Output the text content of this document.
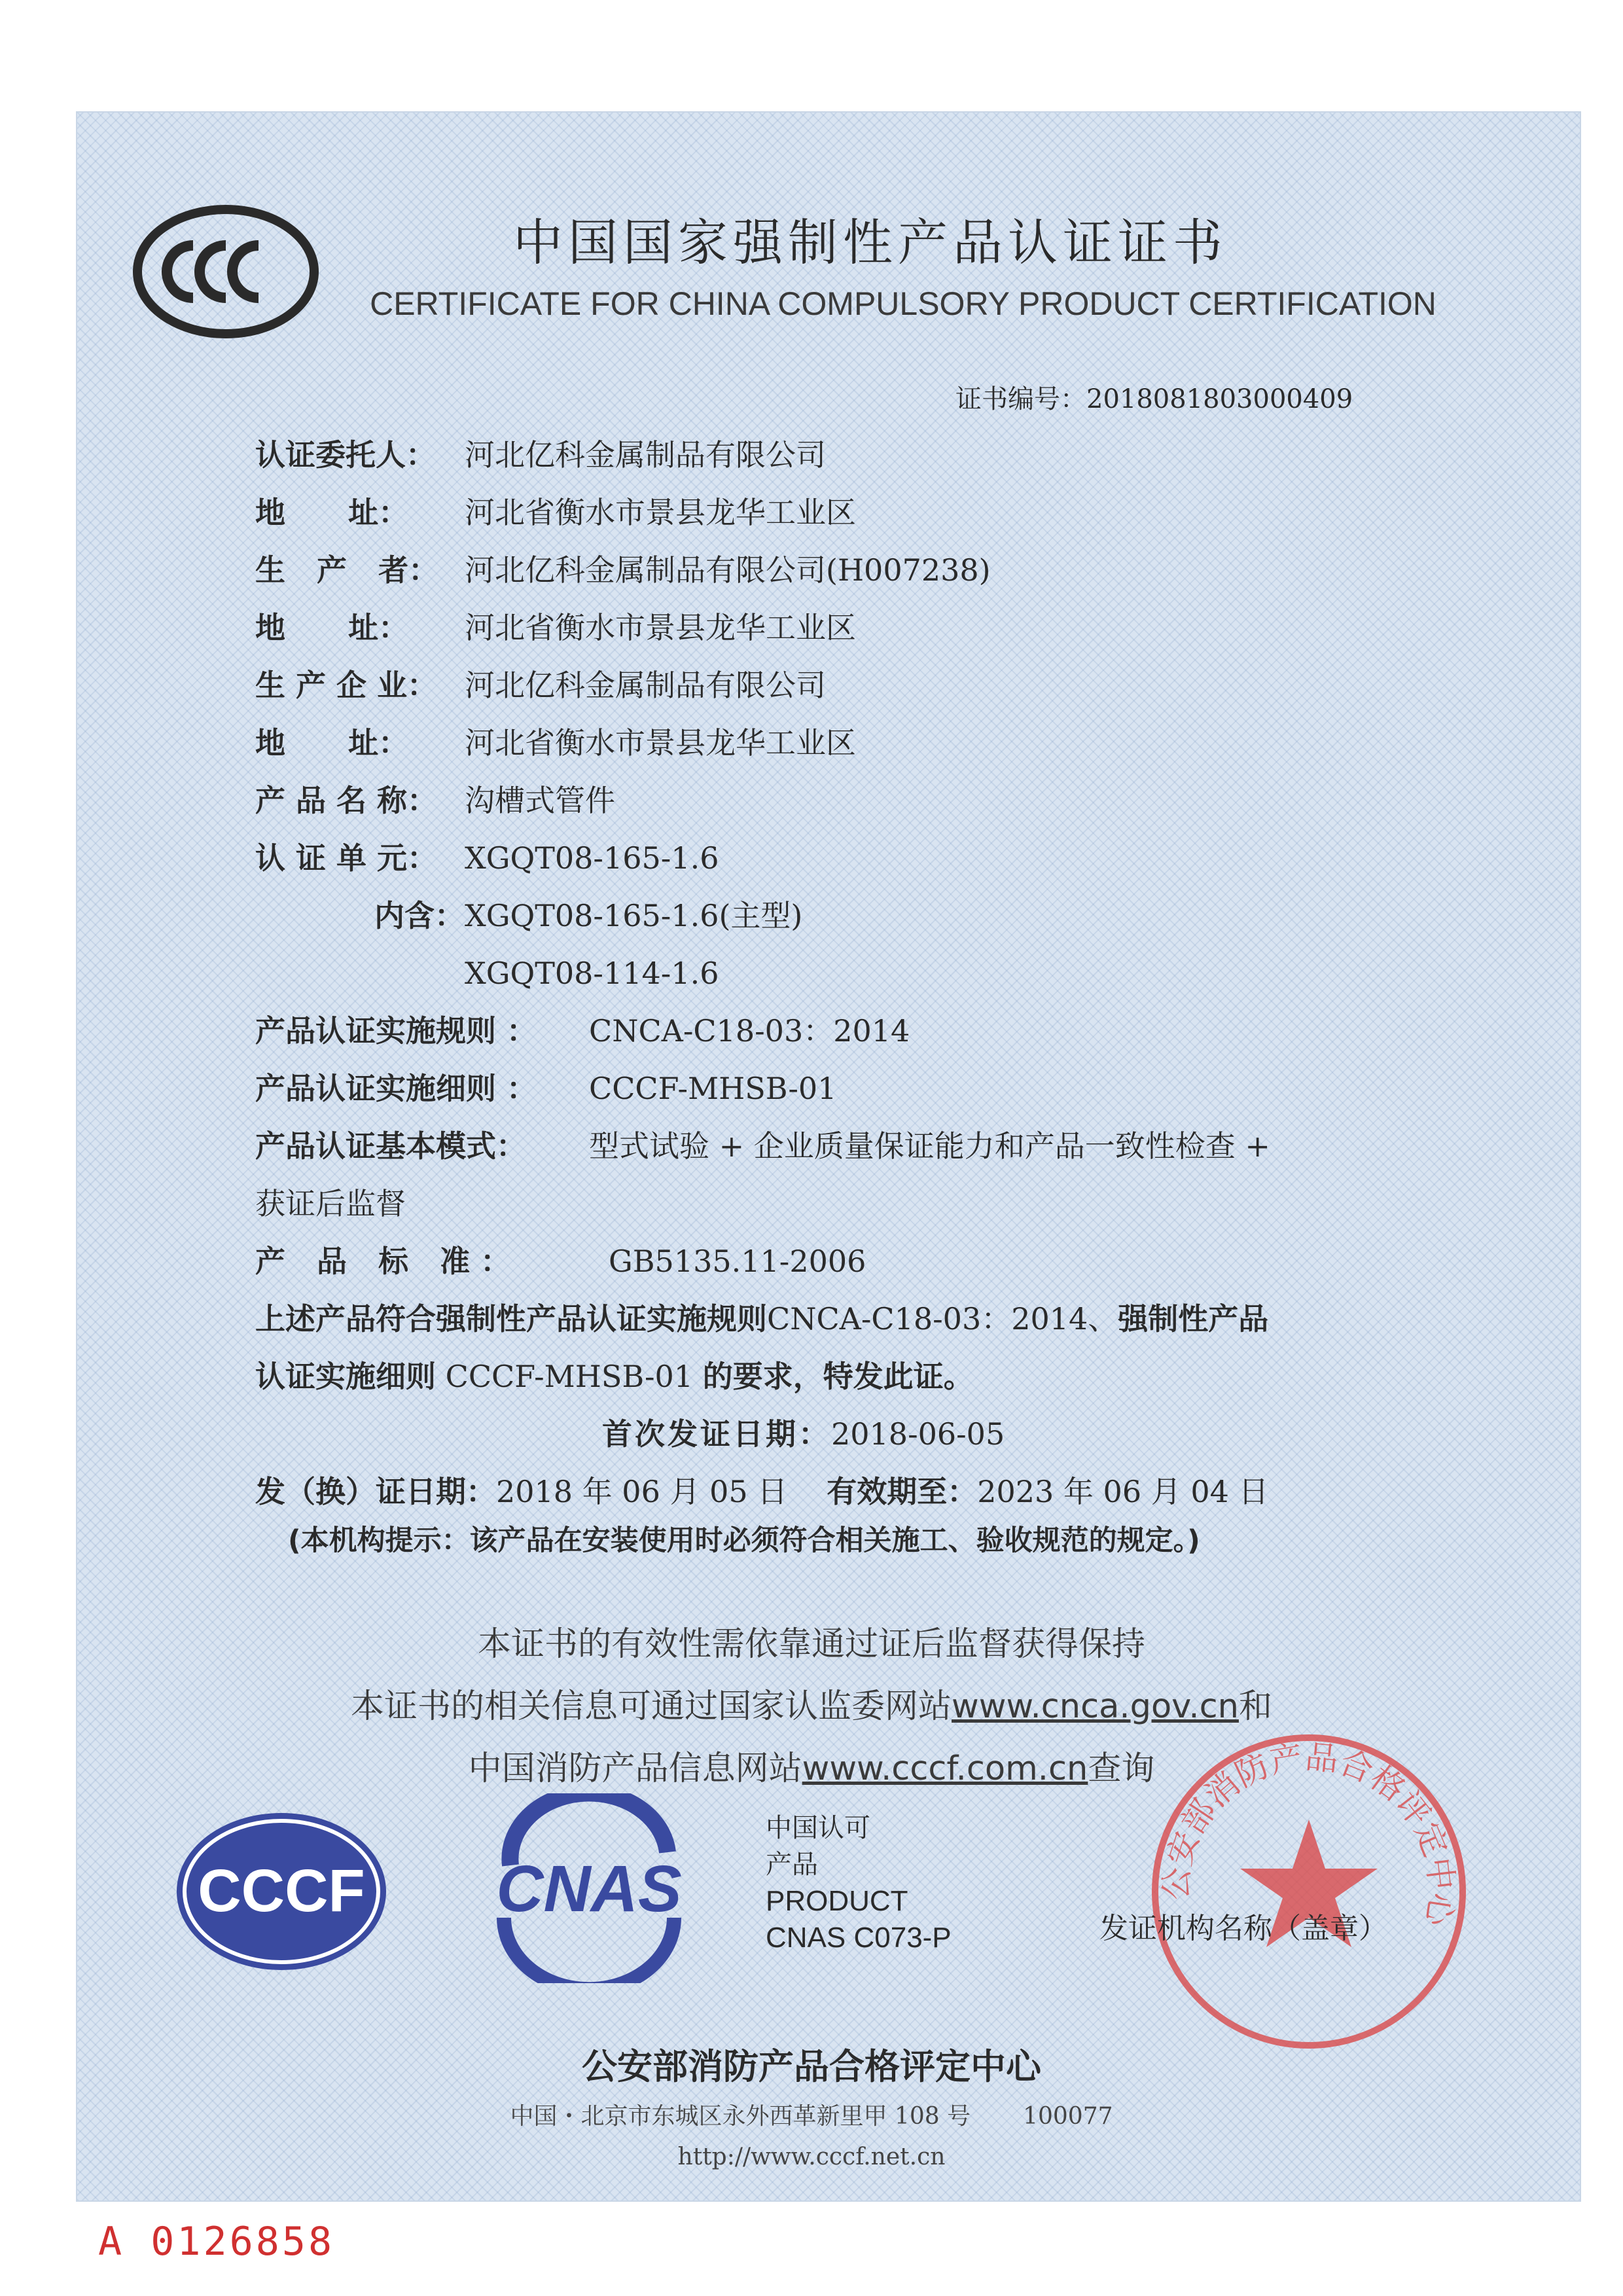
中国国家强制性产品认证证书
CERTIFICATE FOR CHINA COMPULSORY PRODUCT CERTIFICATION
证书编号：2018081803000409
认证委托人： 河北亿科金属制品有限公司
地      址： 河北省衡水市景县龙华工业区
生   产   者： 河北亿科金属制品有限公司(H007238)
地      址： 河北省衡水市景县龙华工业区
生 产 企 业： 河北亿科金属制品有限公司
地      址： 河北省衡水市景县龙华工业区
产 品 名 称： 沟槽式管件
认 证 单 元： XGQT08-165-1.6
内含：XGQT08-165-1.6(主型)
XGQT08-114-1.6
产品认证实施规则 ： CNCA-C18-03：2014
产品认证实施细则 ： CCCF-MHSB-01
产品认证基本模式： 型式试验 + 企业质量保证能力和产品一致性检查 +
获证后监督
产   品   标   准 ：	GB5135.11-2006
上述产品符合强制性产品认证实施规则CNCA-C18-03：2014、强制性产品
认证实施细则 CCCF-MHSB-01 的要求，特发此证。
首次发证日期：2018-06-05
发（换）证日期：2018 年 06 月 05 日 有效期至：2023 年 06 月 04 日
(本机构提示：该产品在安装使用时必须符合相关施工、验收规范的规定。)
本证书的有效性需依靠通过证后监督获得保持
本证书的相关信息可通过国家认监委网站www.cnca.gov.cn和
中国消防产品信息网站www.cccf.com.cn查询
CCCF CNAS
中国认可
产品
PRODUCT
CNAS C073-P
公安部消防产品合格评定中心
发证机构名称（盖章）
公安部消防产品合格评定中心
中国・北京市东城区永外西革新里甲 108 号 100077
http://www.cccf.net.cn
A 0126858
